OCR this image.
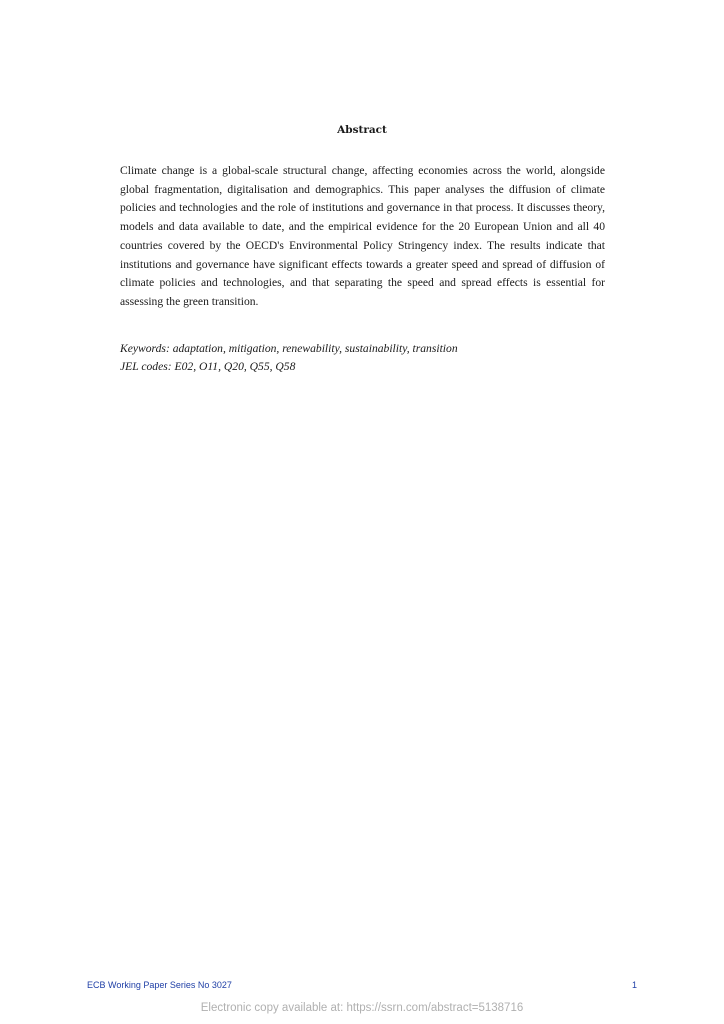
Abstract

Climate change is a global-scale structural change, affecting economies across the world, alongside global fragmentation, digitalisation and demographics. This paper analyses the diffusion of climate policies and technologies and the role of institutions and governance in that process. It discusses theory, models and data available to date, and the empirical evidence for the 20 European Union and all 40 countries covered by the OECD's Environmental Policy Stringency index. The results indicate that institutions and governance have significant effects towards a greater speed and spread of diffusion of climate policies and technologies, and that separating the speed and spread effects is essential for assessing the green transition.

Keywords: adaptation, mitigation, renewability, sustainability, transition
JEL codes: E02, O11, Q20, Q55, Q58
ECB Working Paper Series No 3027	1
Electronic copy available at: https://ssrn.com/abstract=5138716
